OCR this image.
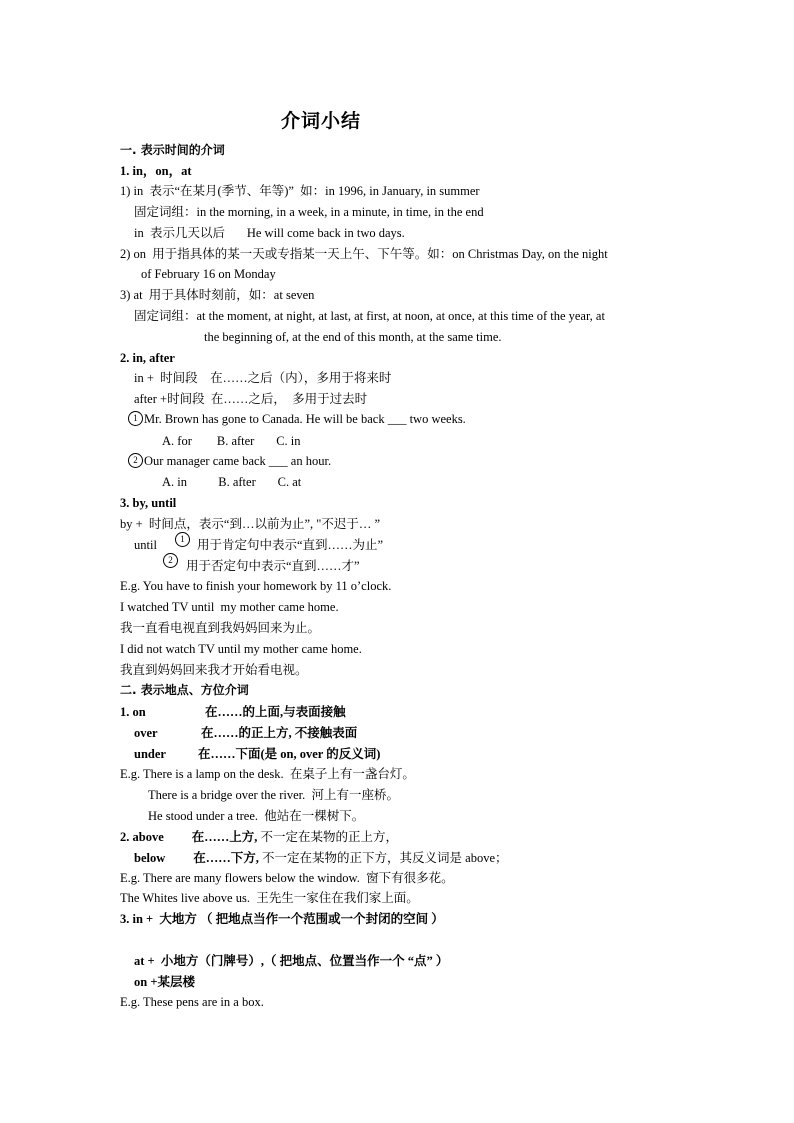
介词小结
一. 表示时间的介词
1. in，on，at
1) in  表示“在某月(季节、年等)”  如：in 1996, in January, in summer
固定词组：in the morning, in a week, in a minute, in time, in the end
in  表示几天以后       He will come back in two days.
2) on  用于指具体的某一天或专指某一天上午、下午等。如：on Christmas Day, on the night
of February 16 on Monday
3) at  用于具体时刻前，如：at seven
固定词组：at the moment, at night, at last, at first, at noon, at once, at this time of the year, at
the beginning of, at the end of this month, at the same time.
2. in, after
in +  时间段    在……之后（内），多用于将来时
after +时间段  在……之后，  多用于过去时
1 Mr. Brown has gone to Canada. He will be back ___ two weeks.
A. for        B. after       C. in
2 Our manager came back ___ an hour.
A. in          B. after       C. at
3. by, until
by +  时间点，表示“到…以前为止”, "不迟于… ”
until	1 用于肯定句中表示“直到……为止”
2	用于否定句中表示“直到……才”
E.g. You have to finish your homework by 11 o’clock.
I watched TV until  my mother came home.
我一直看电视直到我妈妈回来为止。
I did not watch TV until my mother came home.
我直到妈妈回来我才开始看电视。
二. 表示地点、方位介词
1. on	在……的上面,与表面接触
over	在……的正上方, 不接触表面
under	在……下面(是 on, over 的反义词)
E.g. There is a lamp on the desk.  在桌子上有一盏台灯。
There is a bridge over the river.  河上有一座桥。
He stood under a tree.  他站在一棵树下。
2. above 在……上方, 不一定在某物的正上方，
below 在……下方, 不一定在某物的正下方，其反义词是 above；
E.g. There are many flowers below the window.  窗下有很多花。
The Whites live above us.  王先生一家住在我们家上面。
3. in +  大地方 （ 把地点当作一个范围或一个封闭的空间 ）
at +  小地方（门牌号）,（ 把地点、位置当作一个 “点” ）
on +某层楼
E.g. These pens are in a box.
